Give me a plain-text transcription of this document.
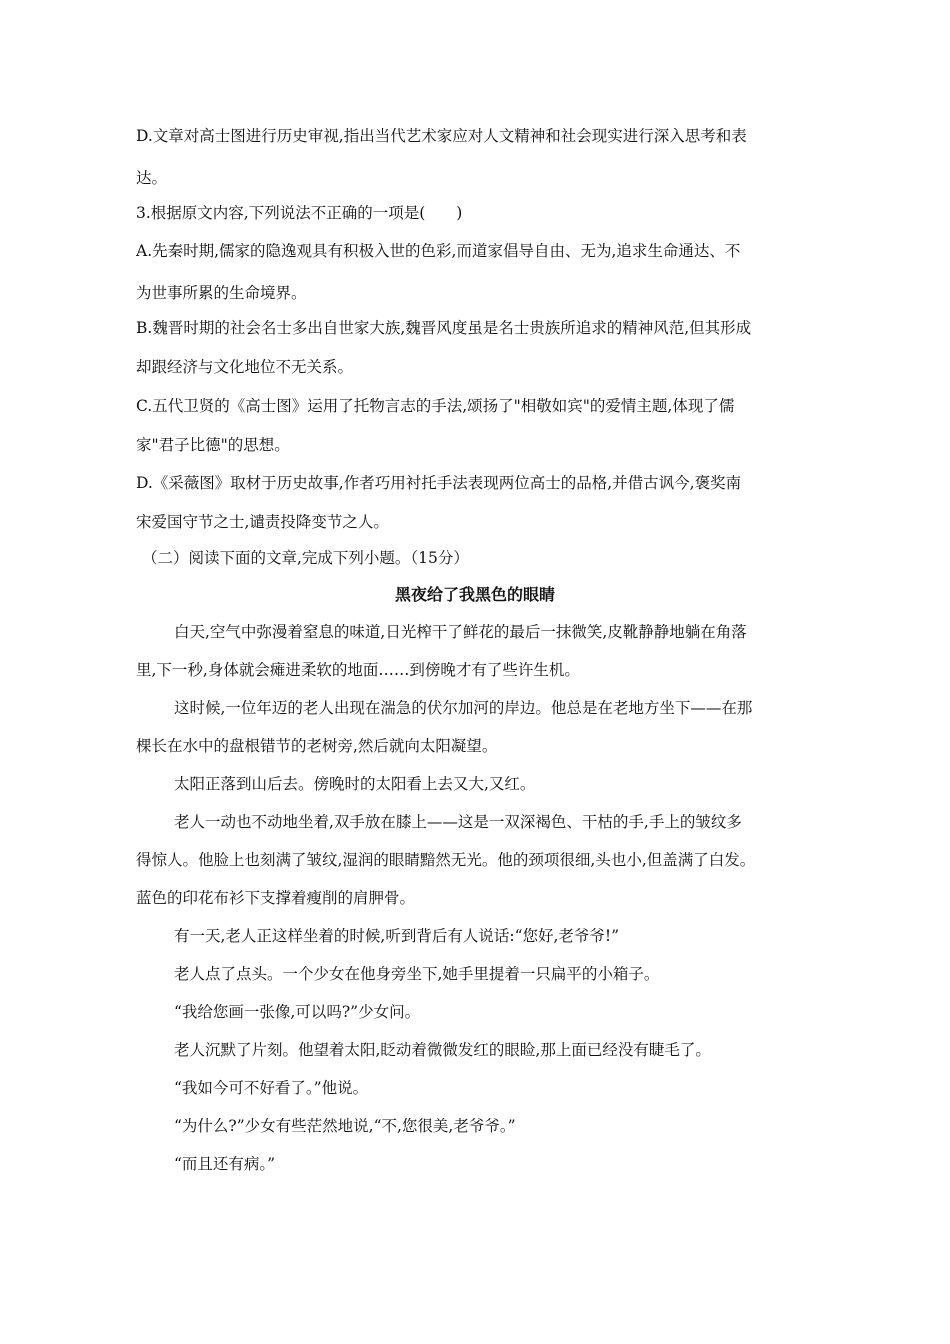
D.文章对高士图进行历史审视,指出当代艺术家应对人文精神和社会现实进行深入思考和表
达。
3.根据原文内容,下列说法不正确的一项是(　　)
A.先秦时期,儒家的隐逸观具有积极入世的色彩,而道家倡导自由、无为,追求生命通达、不
为世事所累的生命境界。
B.魏晋时期的社会名士多出自世家大族,魏晋风度虽是名士贵族所追求的精神风范,但其形成
却跟经济与文化地位不无关系。
C.五代卫贤的《高士图》运用了托物言志的手法,颂扬了"相敬如宾"的爱情主题,体现了儒
家"君子比德"的思想。
D.《采薇图》取材于历史故事,作者巧用衬托手法表现两位高士的品格,并借古讽今,褒奖南
宋爱国守节之士,谴责投降变节之人。
（二）阅读下面的文章,完成下列小题。（15分）
黑夜给了我黑色的眼睛
白天,空气中弥漫着窒息的味道,日光榨干了鲜花的最后一抹微笑,皮靴静静地躺在角落
里,下一秒,身体就会瘫进柔软的地面……到傍晚才有了些许生机。
这时候,一位年迈的老人出现在湍急的伏尔加河的岸边。他总是在老地方坐下——在那
棵长在水中的盘根错节的老树旁,然后就向太阳凝望。
太阳正落到山后去。傍晚时的太阳看上去又大,又红。
老人一动也不动地坐着,双手放在膝上——这是一双深褐色、干枯的手,手上的皱纹多
得惊人。他脸上也刻满了皱纹,湿润的眼睛黯然无光。他的颈项很细,头也小,但盖满了白发。
蓝色的印花布衫下支撑着瘦削的肩胛骨。
有一天,老人正这样坐着的时候,听到背后有人说话:“您好,老爷爷!”
老人点了点头。一个少女在他身旁坐下,她手里提着一只扁平的小箱子。
“我给您画一张像,可以吗?”少女问。
老人沉默了片刻。他望着太阳,眨动着微微发红的眼睑,那上面已经没有睫毛了。
“我如今可不好看了。”他说。
“为什么?”少女有些茫然地说,“不,您很美,老爷爷。”
“而且还有病。”
